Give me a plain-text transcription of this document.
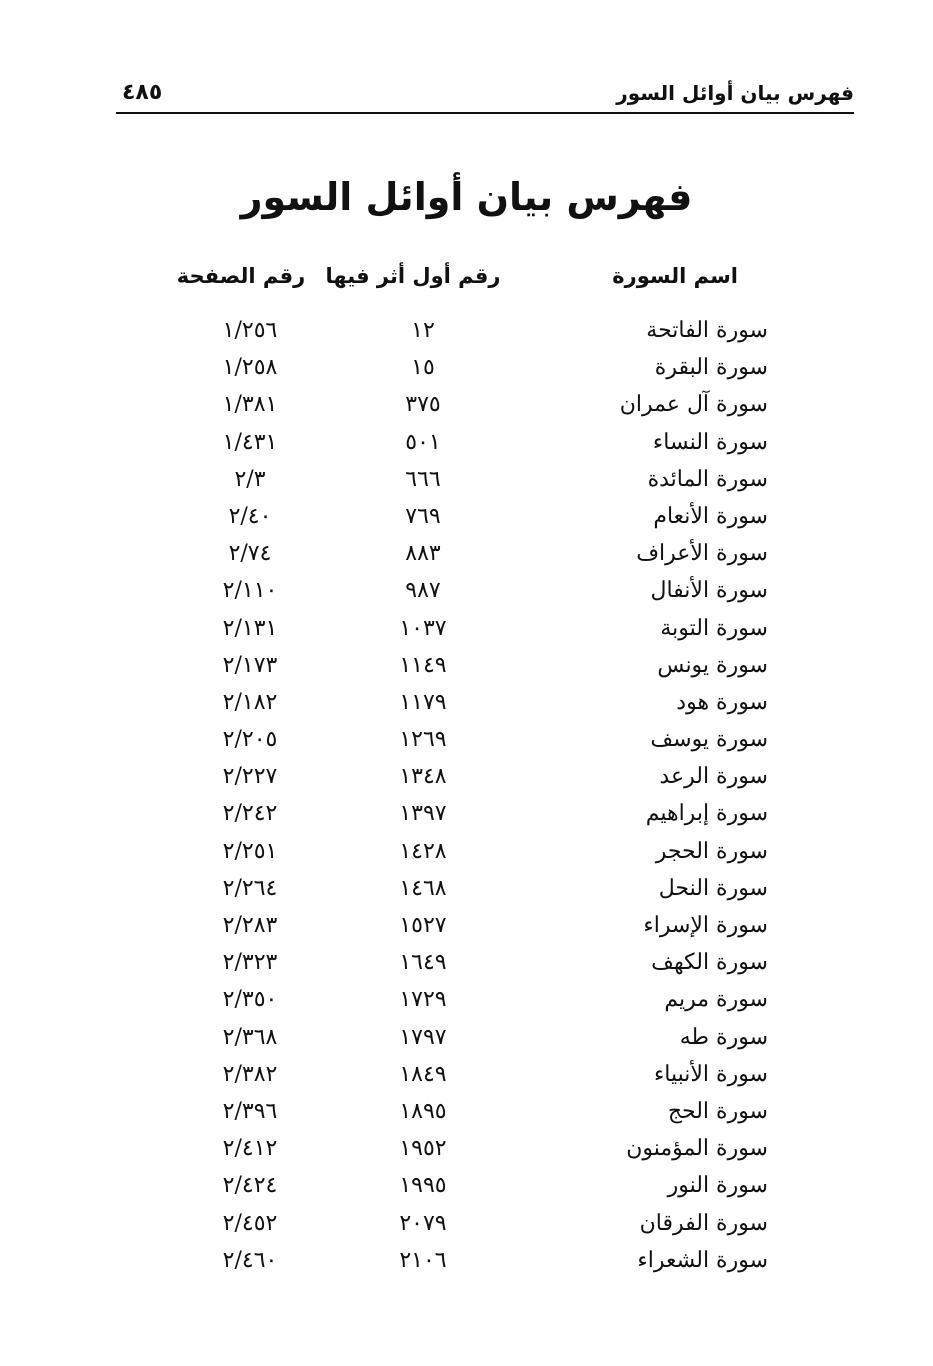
فهرس بيان أوائل السور
٤٨٥
فهرس بيان أوائل السور
اسم السورة
رقم أول أثر فيها
رقم الصفحة
سورة الفاتحة
١٢
١/٢٥٦
سورة البقرة
١٥
١/٢٥٨
سورة آل عمران
٣٧٥
١/٣٨١
سورة النساء
٥٠١
١/٤٣١
سورة المائدة
٦٦٦
٢/٣
سورة الأنعام
٧٦٩
٢/٤٠
سورة الأعراف
٨٨٣
٢/٧٤
سورة الأنفال
٩٨٧
٢/١١٠
سورة التوبة
١٠٣٧
٢/١٣١
سورة يونس
١١٤٩
٢/١٧٣
سورة هود
١١٧٩
٢/١٨٢
سورة يوسف
١٢٦٩
٢/٢٠٥
سورة الرعد
١٣٤٨
٢/٢٢٧
سورة إبراهيم
١٣٩٧
٢/٢٤٢
سورة الحجر
١٤٢٨
٢/٢٥١
سورة النحل
١٤٦٨
٢/٢٦٤
سورة الإسراء
١٥٢٧
٢/٢٨٣
سورة الكهف
١٦٤٩
٢/٣٢٣
سورة مريم
١٧٢٩
٢/٣٥٠
سورة طه
١٧٩٧
٢/٣٦٨
سورة الأنبياء
١٨٤٩
٢/٣٨٢
سورة الحج
١٨٩٥
٢/٣٩٦
سورة المؤمنون
١٩٥٢
٢/٤١٢
سورة النور
١٩٩٥
٢/٤٢٤
سورة الفرقان
٢٠٧٩
٢/٤٥٢
سورة الشعراء
٢١٠٦
٢/٤٦٠
